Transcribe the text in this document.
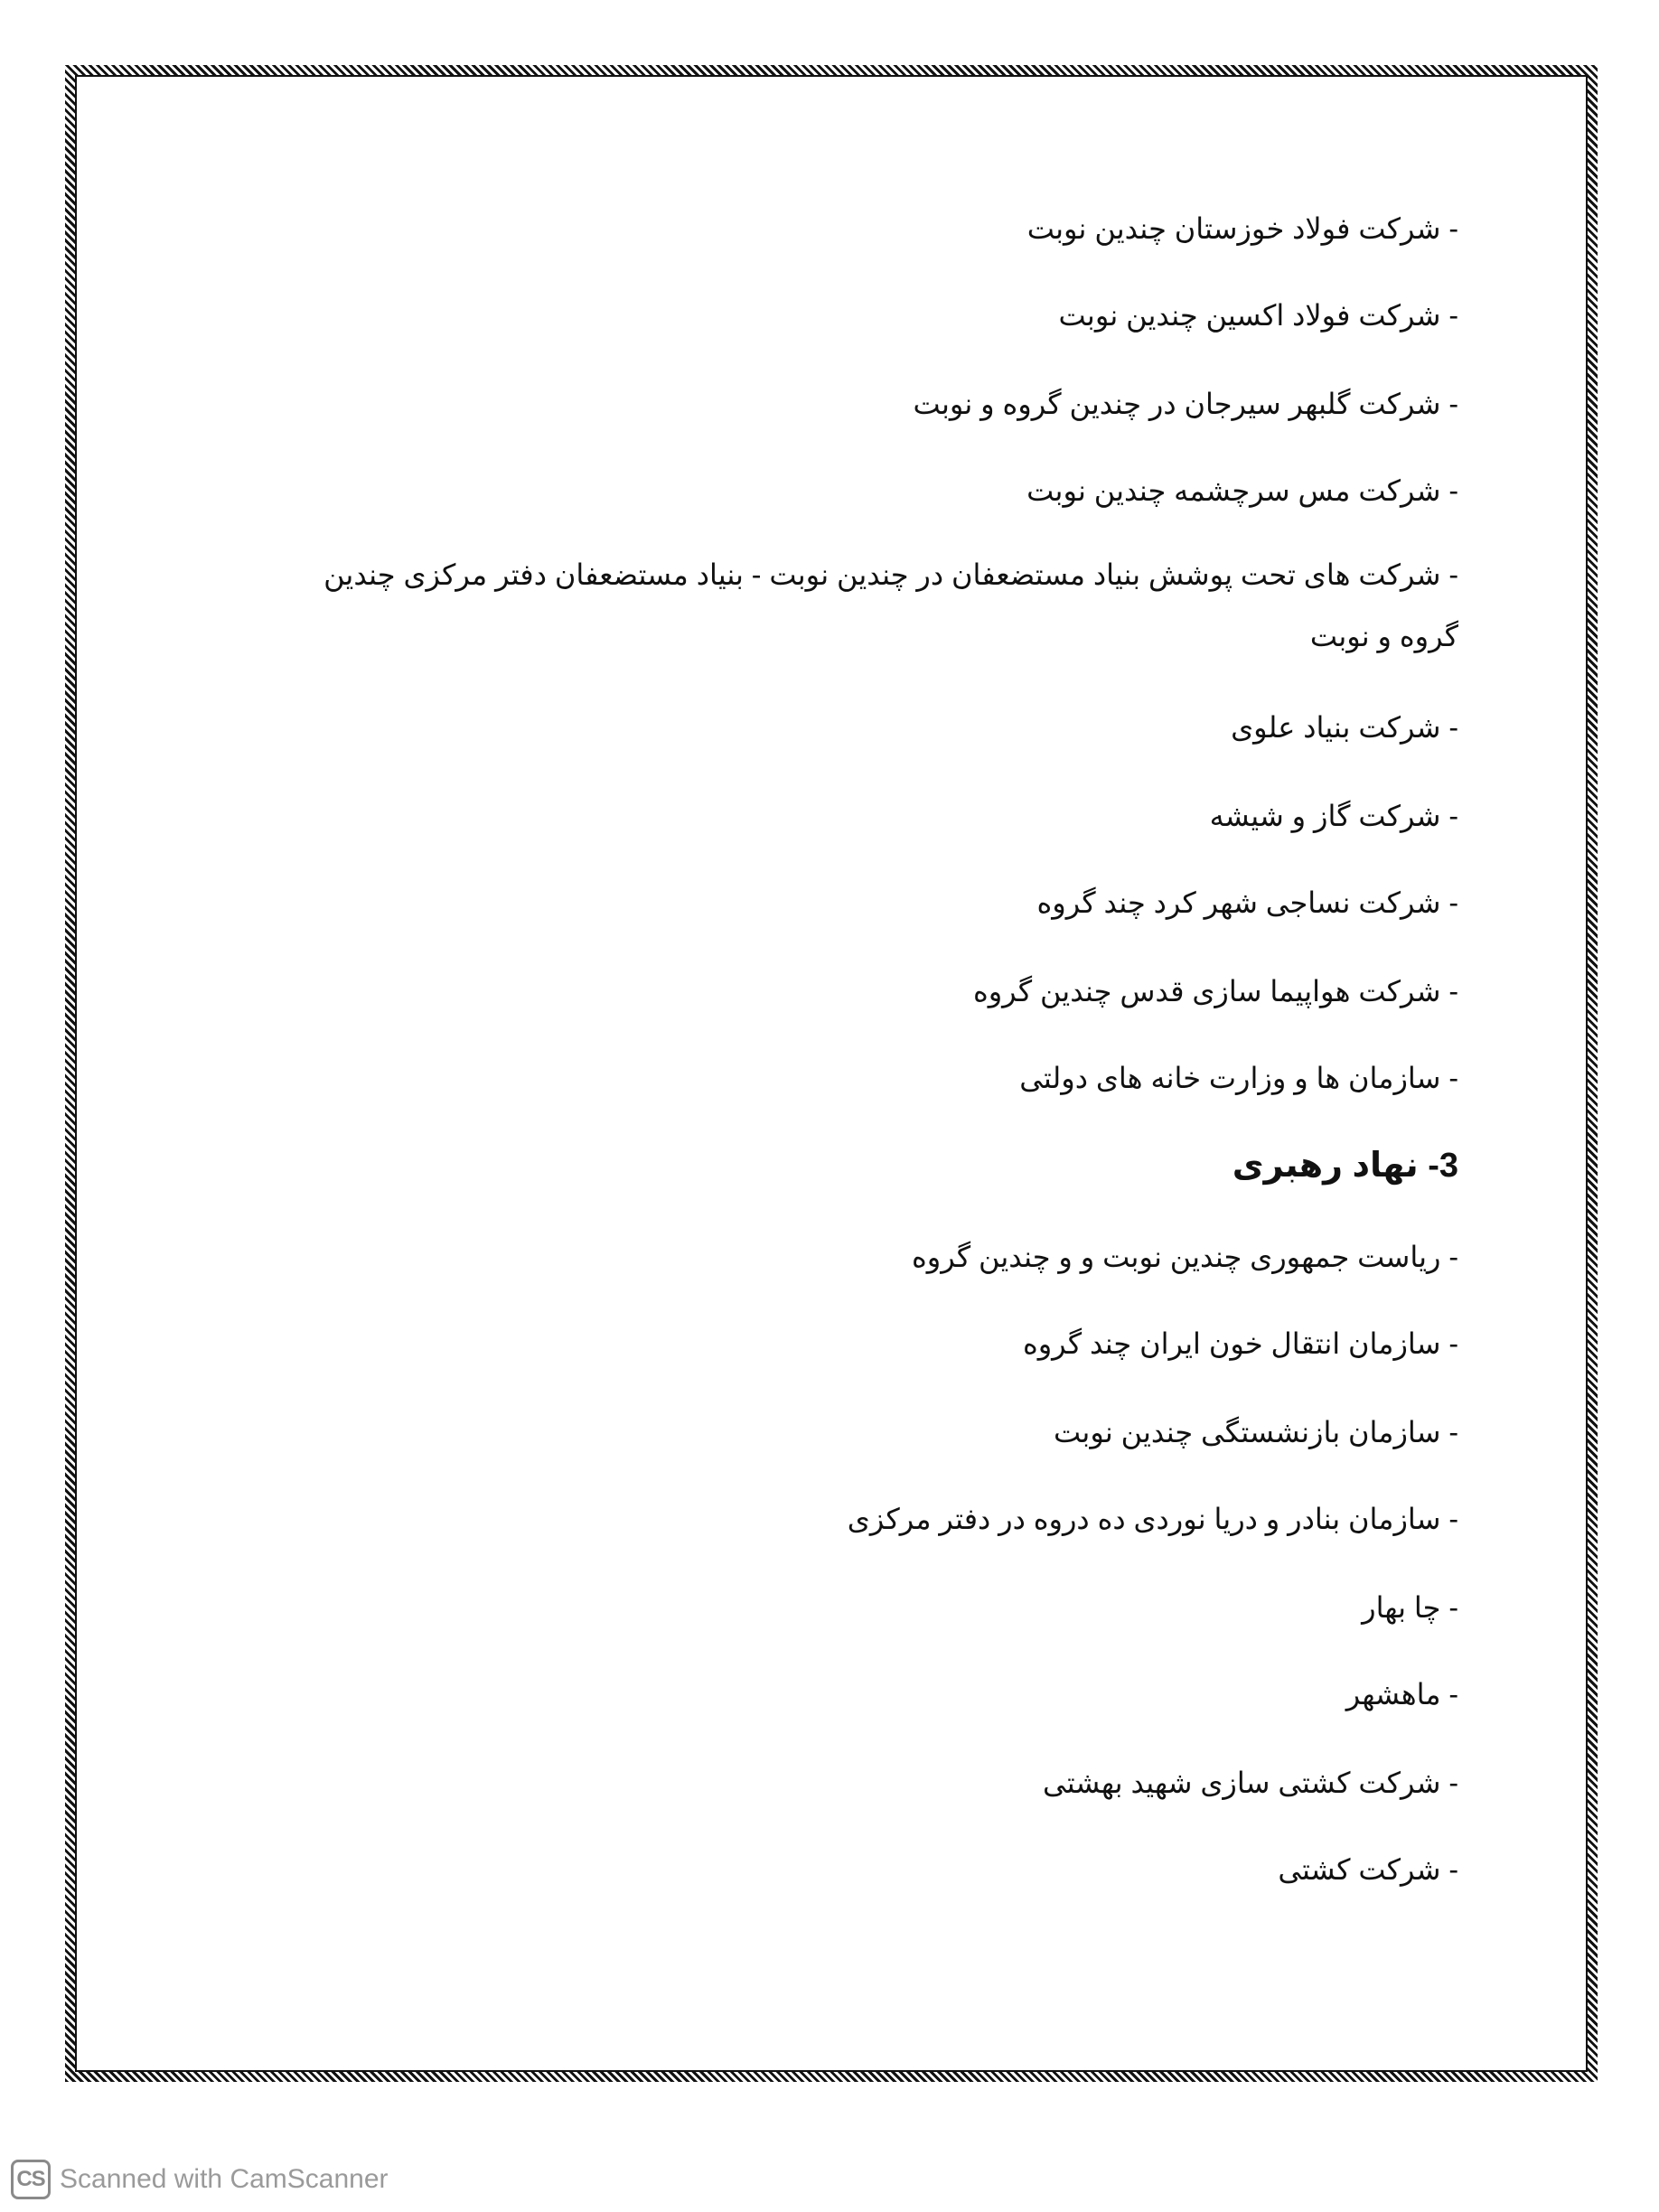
- شرکت فولاد خوزستان چندین نوبت
- شرکت فولاد اکسین چندین نوبت
- شرکت گلبهر سیرجان در چندین گروه و نوبت
- شرکت مس سرچشمه چندین نوبت
- شرکت های تحت پوشش بنیاد مستضعفان در چندین نوبت - بنیاد مستضعفان دفتر مرکزی چندین گروه و نوبت
- شرکت بنیاد علوی
- شرکت گاز و شیشه
- شرکت نساجی شهر کرد چند گروه
- شرکت هواپیما سازی قدس چندین گروه
- سازمان ها و وزارت خانه های دولتی
3- نهاد رهبری
- ریاست جمهوری چندین نوبت و و چندین گروه
- سازمان انتقال خون ایران چند گروه
- سازمان بازنشستگی چندین نوبت
- سازمان بنادر و دریا نوردی ده دروه در دفتر مرکزی
- چا بهار
- ماهشهر
- شرکت کشتی سازی شهید بهشتی
- شرکت کشتی
CS Scanned with CamScanner
